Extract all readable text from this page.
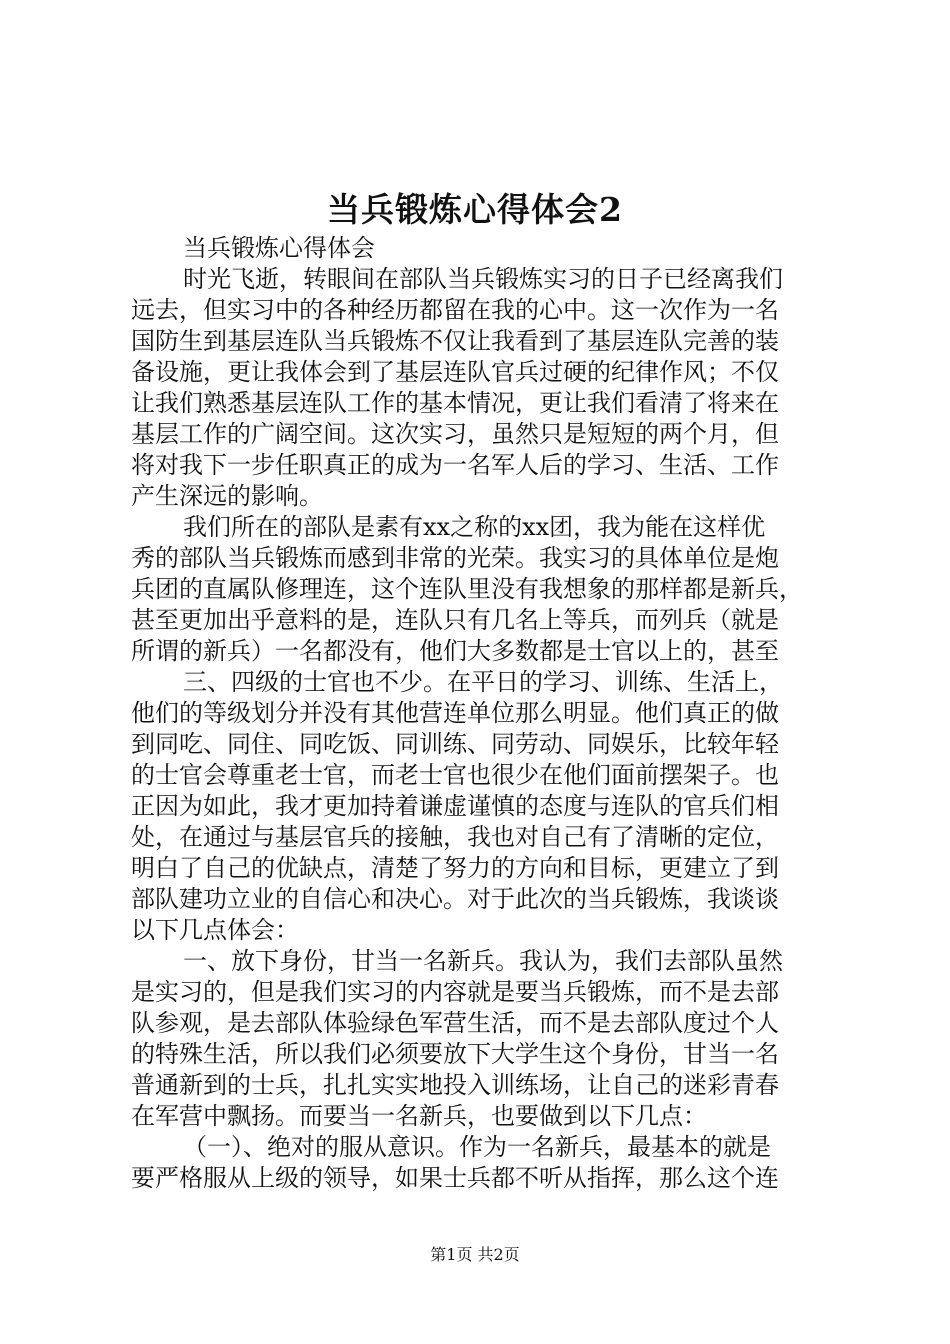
当兵锻炼心得体会2
当兵锻炼心得体会
时光飞逝，转眼间在部队当兵锻炼实习的日子已经离我们
远去，但实习中的各种经历都留在我的心中。这一次作为一名
国防生到基层连队当兵锻炼不仅让我看到了基层连队完善的装
备设施，更让我体会到了基层连队官兵过硬的纪律作风；不仅
让我们熟悉基层连队工作的基本情况，更让我们看清了将来在
基层工作的广阔空间。这次实习，虽然只是短短的两个月，但
将对我下一步任职真正的成为一名军人后的学习、生活、工作
产生深远的影响。
我们所在的部队是素有xx之称的xx团，我为能在这样优
秀的部队当兵锻炼而感到非常的光荣。我实习的具体单位是炮
兵团的直属队修理连，这个连队里没有我想象的那样都是新兵，
甚至更加出乎意料的是，连队只有几名上等兵，而列兵（就是
所谓的新兵）一名都没有，他们大多数都是士官以上的，甚至
三、四级的士官也不少。在平日的学习、训练、生活上，
他们的等级划分并没有其他营连单位那么明显。他们真正的做
到同吃、同住、同吃饭、同训练、同劳动、同娱乐，比较年轻
的士官会尊重老士官，而老士官也很少在他们面前摆架子。也
正因为如此，我才更加持着谦虚谨慎的态度与连队的官兵们相
处，在通过与基层官兵的接触，我也对自己有了清晰的定位，
明白了自己的优缺点，清楚了努力的方向和目标，更建立了到
部队建功立业的自信心和决心。对于此次的当兵锻炼，我谈谈
以下几点体会：
一、放下身份，甘当一名新兵。我认为，我们去部队虽然
是实习的，但是我们实习的内容就是要当兵锻炼，而不是去部
队参观，是去部队体验绿色军营生活，而不是去部队度过个人
的特殊生活，所以我们必须要放下大学生这个身份，甘当一名
普通新到的士兵，扎扎实实地投入训练场，让自己的迷彩青春
在军营中飘扬。而要当一名新兵，也要做到以下几点：
（一）、绝对的服从意识。作为一名新兵，最基本的就是
要严格服从上级的领导，如果士兵都不听从指挥，那么这个连
第1页 共2页
